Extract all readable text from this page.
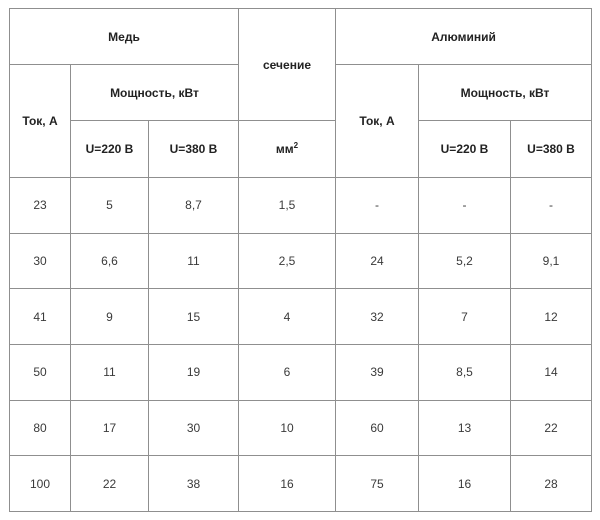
Медь			сечение	Алюминий		
Ток, А	Мощность, кВт			Ток, А	Мощность, кВт	
	U=220 В	U=380 В	$мм^2$		U=220 В	U=380 В
23	5	8,7	1,5	-	-	-
30	6,6	11	2,5	24	5,2	9,1
41	9	15	4	32	7	12
50	11	19	6	39	8,5	14
80	17	30	10	60	13	22
100	22	38	16	75	16	28
